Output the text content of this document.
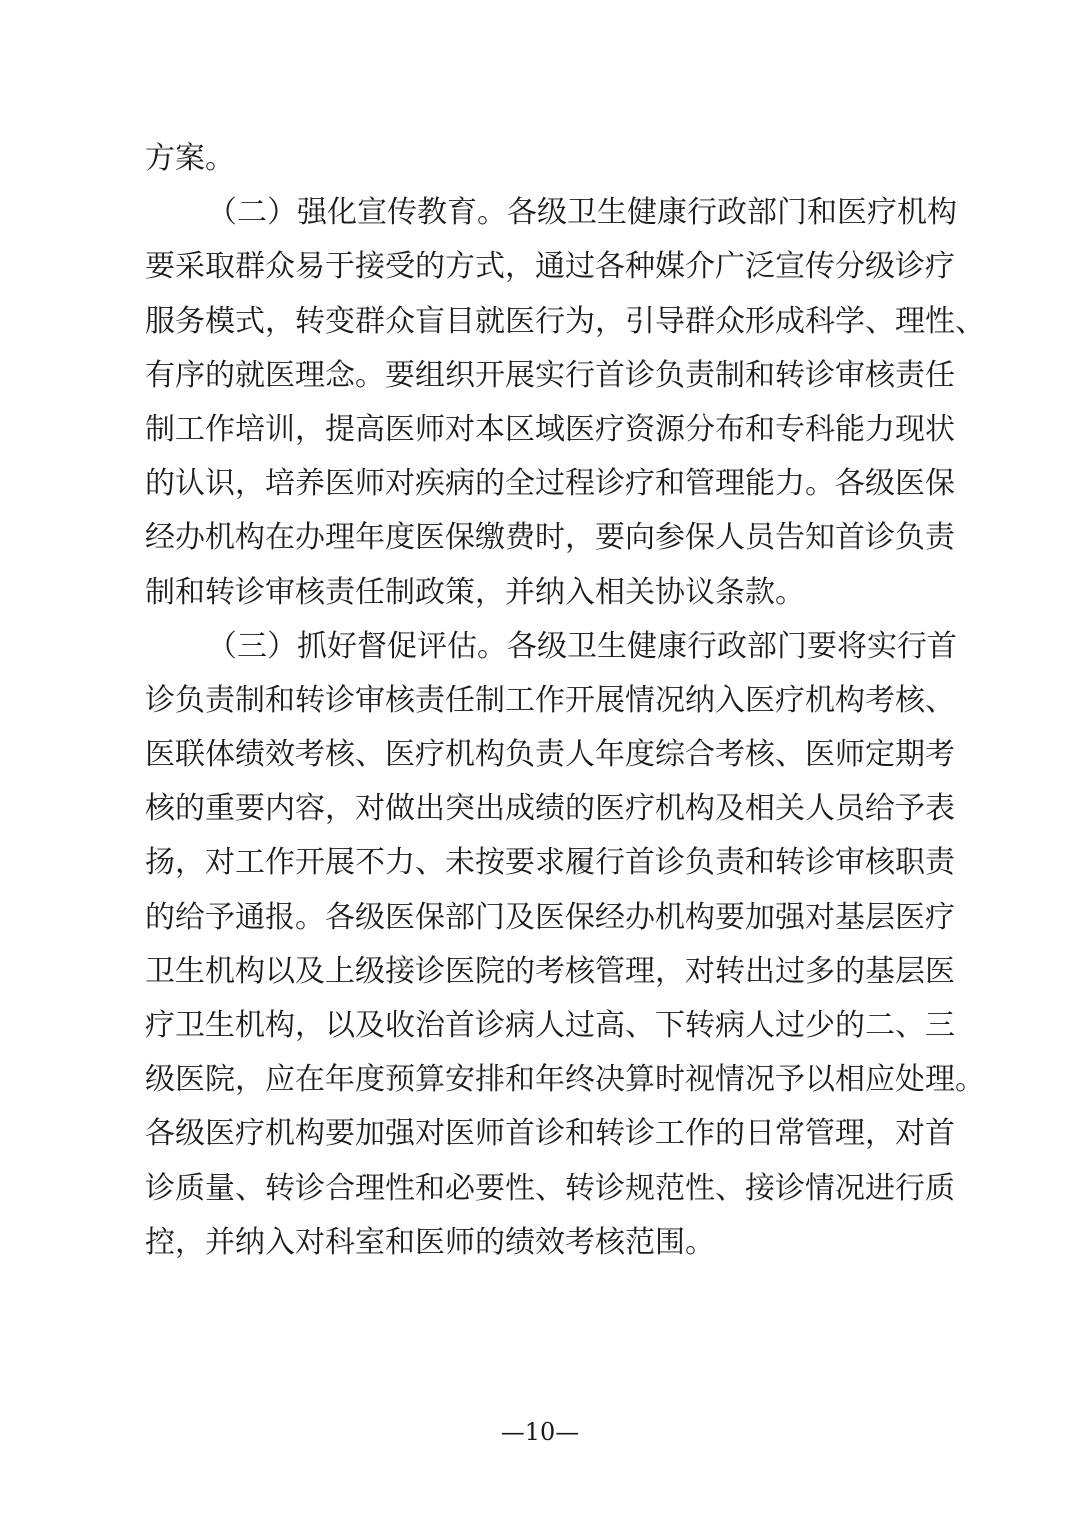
方案。
（二）强化宣传教育。各级卫生健康行政部门和医疗机构
要采取群众易于接受的方式，通过各种媒介广泛宣传分级诊疗
服务模式，转变群众盲目就医行为，引导群众形成科学、理性、
有序的就医理念。要组织开展实行首诊负责制和转诊审核责任
制工作培训，提高医师对本区域医疗资源分布和专科能力现状
的认识，培养医师对疾病的全过程诊疗和管理能力。各级医保
经办机构在办理年度医保缴费时，要向参保人员告知首诊负责
制和转诊审核责任制政策，并纳入相关协议条款。
（三）抓好督促评估。各级卫生健康行政部门要将实行首
诊负责制和转诊审核责任制工作开展情况纳入医疗机构考核、
医联体绩效考核、医疗机构负责人年度综合考核、医师定期考
核的重要内容，对做出突出成绩的医疗机构及相关人员给予表
扬，对工作开展不力、未按要求履行首诊负责和转诊审核职责
的给予通报。各级医保部门及医保经办机构要加强对基层医疗
卫生机构以及上级接诊医院的考核管理，对转出过多的基层医
疗卫生机构，以及收治首诊病人过高、下转病人过少的二、三
级医院，应在年度预算安排和年终决算时视情况予以相应处理。
各级医疗机构要加强对医师首诊和转诊工作的日常管理，对首
诊质量、转诊合理性和必要性、转诊规范性、接诊情况进行质
控，并纳入对科室和医师的绩效考核范围。
—10—
